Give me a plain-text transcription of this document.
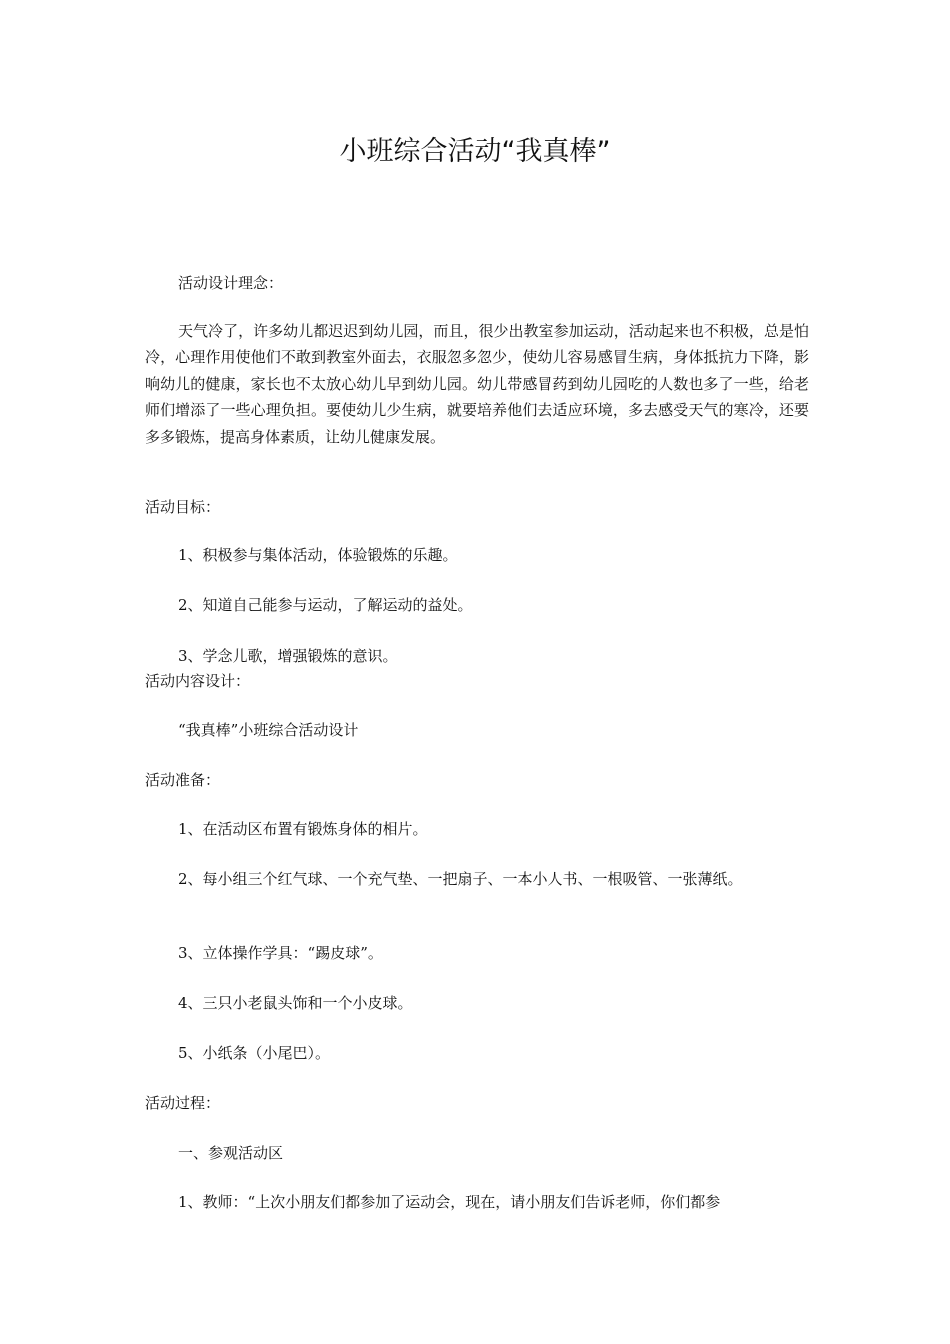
小班综合活动“我真棒”
活动设计理念：
天气冷了，许多幼儿都迟迟到幼儿园，而且，很少出教室参加运动，活动起来也不积极，总是怕冷，心理作用使他们不敢到教室外面去，衣服忽多忽少，使幼儿容易感冒生病，身体抵抗力下降，影响幼儿的健康，家长也不太放心幼儿早到幼儿园。幼儿带感冒药到幼儿园吃的人数也多了一些，给老师们增添了一些心理负担。要使幼儿少生病，就要培养他们去适应环境，多去感受天气的寒冷，还要多多锻炼，提高身体素质，让幼儿健康发展。
活动目标：
1、积极参与集体活动，体验锻炼的乐趣。
2、知道自己能参与运动，了解运动的益处。
3、学念儿歌，增强锻炼的意识。
活动内容设计：
“我真棒”小班综合活动设计
活动准备：
1、在活动区布置有锻炼身体的相片。
2、每小组三个红气球、一个充气垫、一把扇子、一本小人书、一根吸管、一张薄纸。
3、立体操作学具：“踢皮球”。
4、三只小老鼠头饰和一个小皮球。
5、小纸条（小尾巴）。
活动过程：
一、参观活动区
1、教师：“上次小朋友们都参加了运动会，现在，请小朋友们告诉老师，你们都参
